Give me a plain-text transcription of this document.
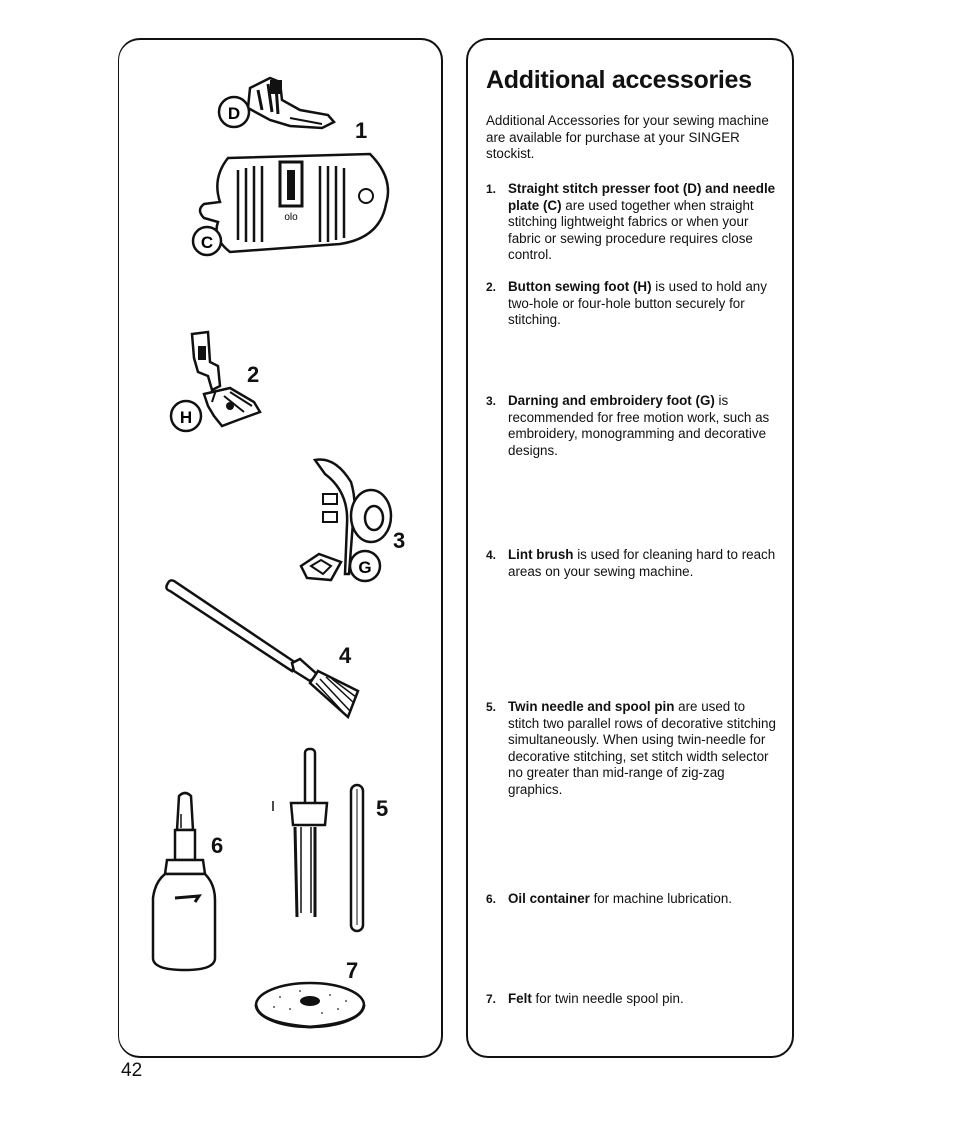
D
1
olo
C
H
2
G
3
4
5
6
7
Additional accessories

Additional Accessories for your sewing machine are available for purchase at your SINGER stockist.

1. Straight stitch presser foot (D) and needle plate (C) are used together when straight stitching lightweight fabrics or when your fabric or sewing procedure requires close control.
2. Button sewing foot (H) is used to hold any two-hole or four-hole button securely for stitching.
3. Darning and embroidery foot (G) is recommended for free motion work, such as embroidery, monogramming and decorative designs.
4. Lint brush is used for cleaning hard to reach areas on your sewing machine.
5. Twin needle and spool pin are used to stitch two parallel rows of decorative stitching simultaneously. When using twin-needle for decorative stitching, set stitch width selector no greater than mid-range of zig-zag graphics.
6. Oil container for machine lubrication.
7. Felt for twin needle spool pin.
42
